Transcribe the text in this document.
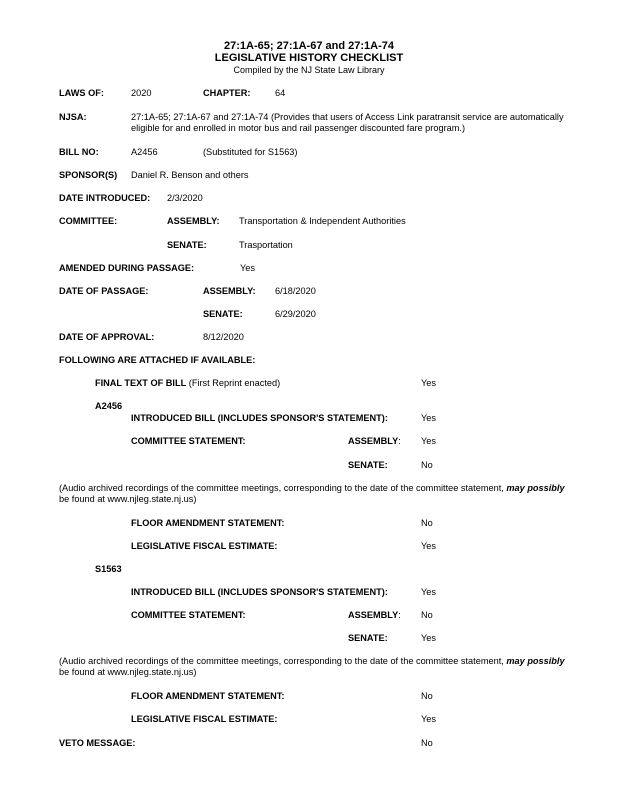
27:1A-65; 27:1A-67 and 27:1A-74
LEGISLATIVE HISTORY CHECKLIST
Compiled by the NJ State Law Library
LAWS OF:	2020	CHAPTER:	64
NJSA:	27:1A-65; 27:1A-67 and 27:1A-74 (Provides that users of Access Link paratransit service are automatically
eligible for and enrolled in motor bus and rail passenger discounted fare program.)
BILL NO:	A2456	(Substituted for S1563)
SPONSOR(S) Daniel R. Benson and others
DATE INTRODUCED: 2/3/2020
COMMITTEE:	ASSEMBLY: Transportation & Independent Authorities
SENATE:	Trasportation
AMENDED DURING PASSAGE:	Yes
DATE OF PASSAGE:	ASSEMBLY: 6/18/2020
SENATE:	6/29/2020
DATE OF APPROVAL:	8/12/2020
FOLLOWING ARE ATTACHED IF AVAILABLE:
FINAL TEXT OF BILL (First Reprint enacted)	Yes
A2456
INTRODUCED BILL (INCLUDES SPONSOR'S STATEMENT):	Yes
COMMITTEE STATEMENT:	ASSEMBLY: Yes
SENATE:	No
(Audio archived recordings of the committee meetings, corresponding to the date of the committee statement, may possibly
be found at www.njleg.state.nj.us)
FLOOR AMENDMENT STATEMENT:	No
LEGISLATIVE FISCAL ESTIMATE:	Yes
S1563
INTRODUCED BILL (INCLUDES SPONSOR'S STATEMENT):	Yes
COMMITTEE STATEMENT:	ASSEMBLY: No
SENATE:	Yes
(Audio archived recordings of the committee meetings, corresponding to the date of the committee statement, may possibly
be found at www.njleg.state.nj.us)
FLOOR AMENDMENT STATEMENT:	No
LEGISLATIVE FISCAL ESTIMATE:	Yes
VETO MESSAGE:	No
